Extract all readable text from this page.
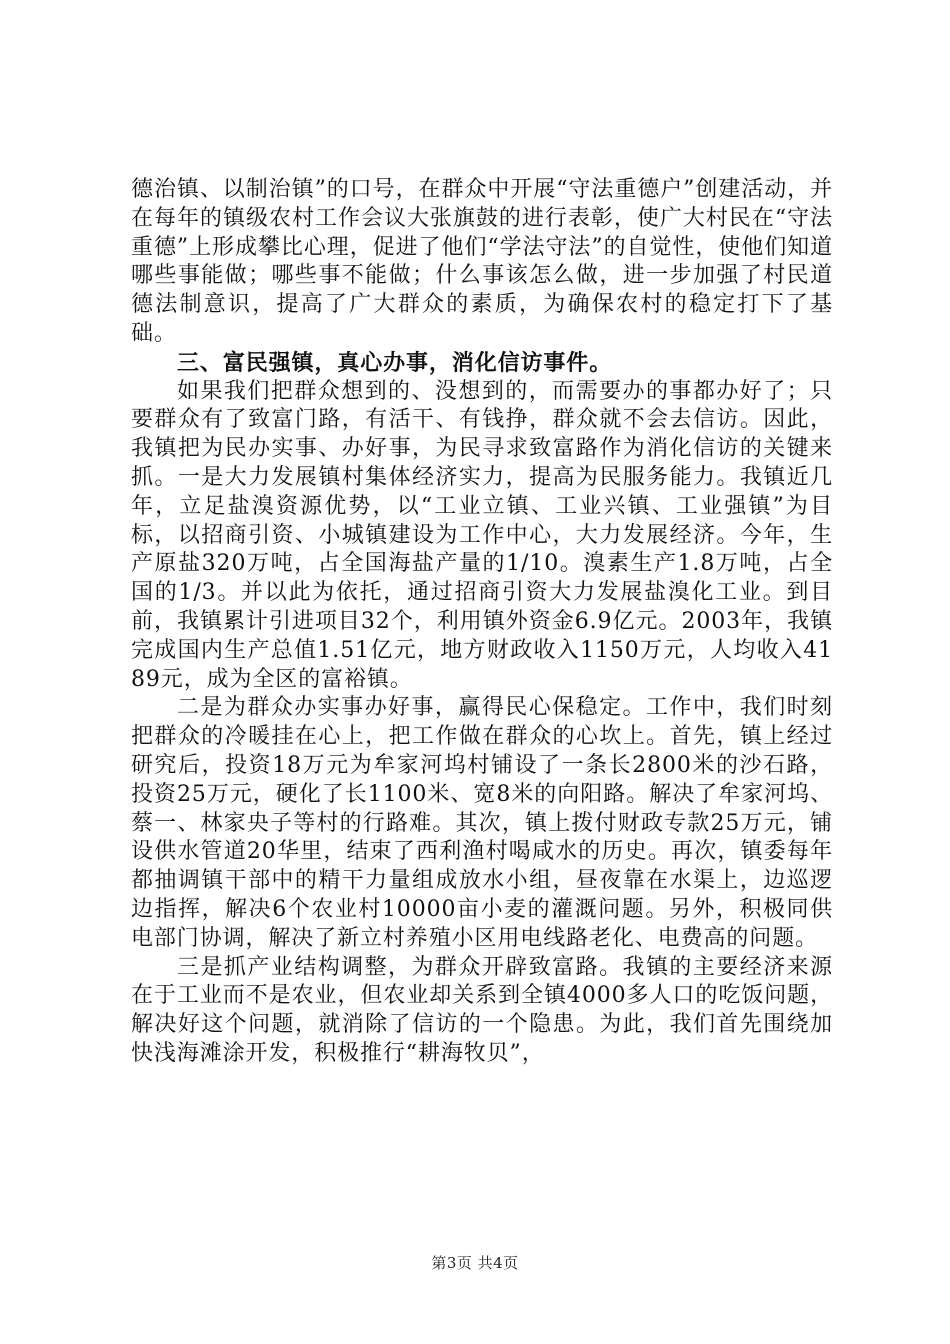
德治镇、以制治镇”的口号，在群众中开展“守法重德户”创建活动，并在每年的镇级农村工作会议大张旗鼓的进行表彰，使广大村民在“守法重德”上形成攀比心理，促进了他们“学法守法”的自觉性，使他们知道哪些事能做；哪些事不能做；什么事该怎么做，进一步加强了村民道德法制意识，提高了广大群众的素质，为确保农村的稳定打下了基础。

三、富民强镇，真心办事，消化信访事件。

如果我们把群众想到的、没想到的，而需要办的事都办好了；只要群众有了致富门路，有活干、有钱挣，群众就不会去信访。因此，我镇把为民办实事、办好事，为民寻求致富路作为消化信访的关键来抓。一是大力发展镇村集体经济实力，提高为民服务能力。我镇近几年，立足盐溴资源优势，以“工业立镇、工业兴镇、工业强镇”为目标，以招商引资、小城镇建设为工作中心，大力发展经济。今年，生产原盐320万吨，占全国海盐产量的1/10。溴素生产1.8万吨，占全国的1/3。并以此为依托，通过招商引资大力发展盐溴化工业。到目前，我镇累计引进项目32个，利用镇外资金6.9亿元。2003年，我镇完成国内生产总值1.51亿元，地方财政收入1150万元，人均收入4189元，成为全区的富裕镇。

二是为群众办实事办好事，赢得民心保稳定。工作中，我们时刻把群众的冷暖挂在心上，把工作做在群众的心坎上。首先，镇上经过研究后，投资18万元为牟家河坞村铺设了一条长2800米的沙石路，投资25万元，硬化了长1100米、宽8米的向阳路。解决了牟家河坞、蔡一、林家央子等村的行路难。其次，镇上拨付财政专款25万元，铺设供水管道20华里，结束了西利渔村喝咸水的历史。再次，镇委每年都抽调镇干部中的精干力量组成放水小组，昼夜靠在水渠上，边巡逻边指挥，解决6个农业村10000亩小麦的灌溉问题。另外，积极同供电部门协调，解决了新立村养殖小区用电线路老化、电费高的问题。

三是抓产业结构调整，为群众开辟致富路。我镇的主要经济来源在于工业而不是农业，但农业却关系到全镇4000多人口的吃饭问题，解决好这个问题，就消除了信访的一个隐患。为此，我们首先围绕加快浅海滩涂开发，积极推行“耕海牧贝”，

第3页 共4页
